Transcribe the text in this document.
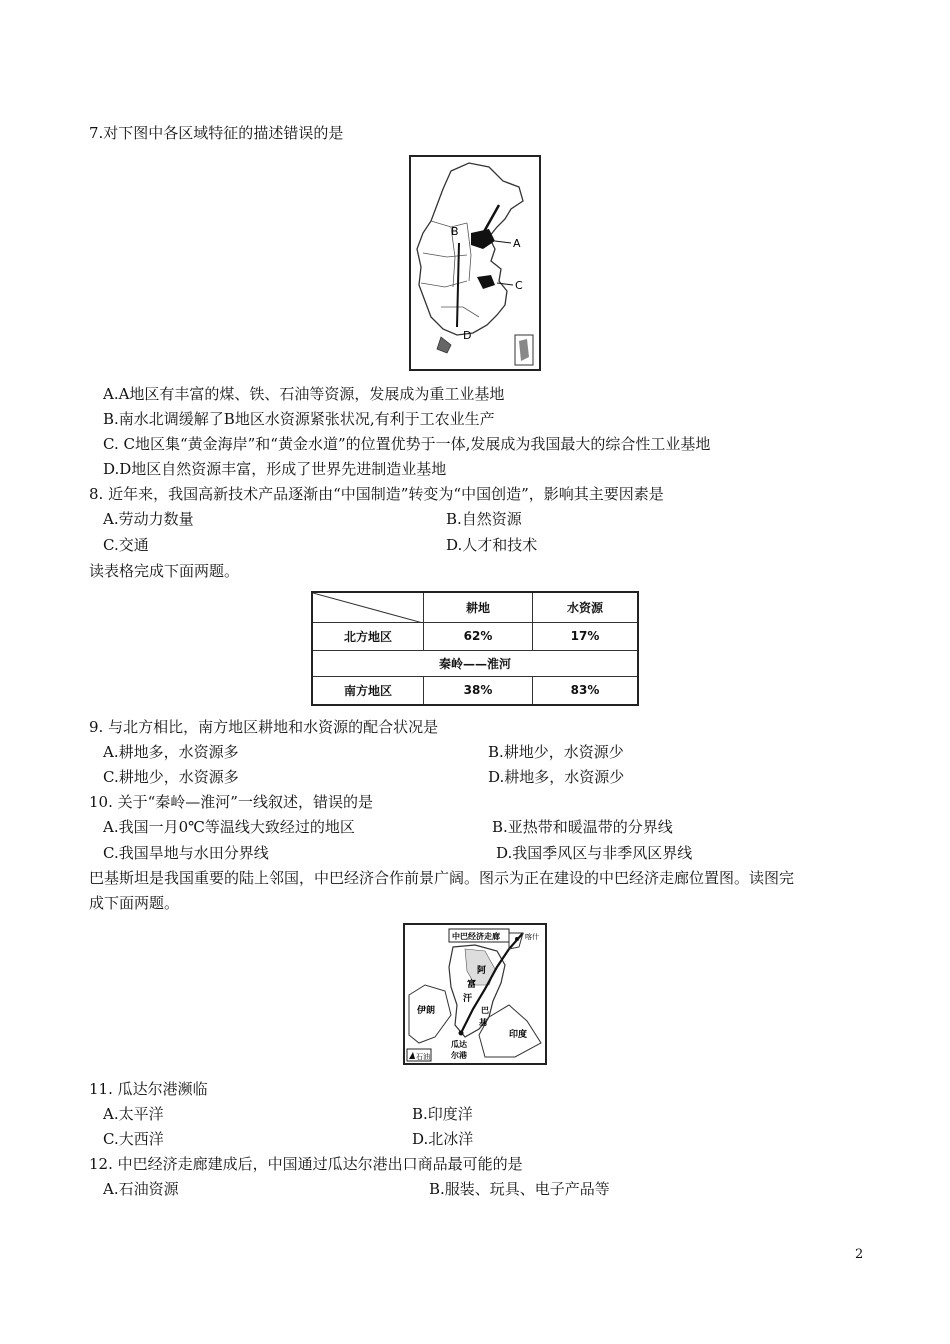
7.对下图中各区域特征的描述错误的是
A
B
C
D
A.A地区有丰富的煤、铁、石油等资源，发展成为重工业基地
B.南水北调缓解了B地区水资源紧张状况,有利于工农业生产
C. C地区集“黄金海岸”和“黄金水道”的位置优势于一体,发展成为我国最大的综合性工业基地
D.D地区自然资源丰富，形成了世界先进制造业基地
8. 近年来，我国高新技术产品逐渐由“中国制造”转变为“中国创造”，影响其主要因素是
A.劳动力数量	B.自然资源
C.交通	D.人才和技术
读表格完成下面两题。
	耕地	水资源
北方地区	62%	17%
秦岭——淮河		
南方地区	38%	83%
9. 与北方相比，南方地区耕地和水资源的配合状况是
A.耕地多，水资源多	B.耕地少，水资源少
C.耕地少，水资源多	D.耕地多，水资源少
10. 关于“秦岭—淮河”一线叙述，错误的是
A.我国一月0℃等温线大致经过的地区	B.亚热带和暖温带的分界线
C.我国旱地与水田分界线	D.我国季风区与非季风区界线
巴基斯坦是我国重要的陆上邻国，中巴经济合作前景广阔。图示为正在建设的中巴经济走廊位置图。读图完
成下面两题。
中巴经济走廊	喀什
伊朗
阿
富
汗
巴
基
瓜达
尔港
印度
石油
11. 瓜达尔港濒临
A.太平洋	B.印度洋
C.大西洋	D.北冰洋
12. 中巴经济走廊建成后，中国通过瓜达尔港出口商品最可能的是
A.石油资源	B.服装、玩具、电子产品等
2
